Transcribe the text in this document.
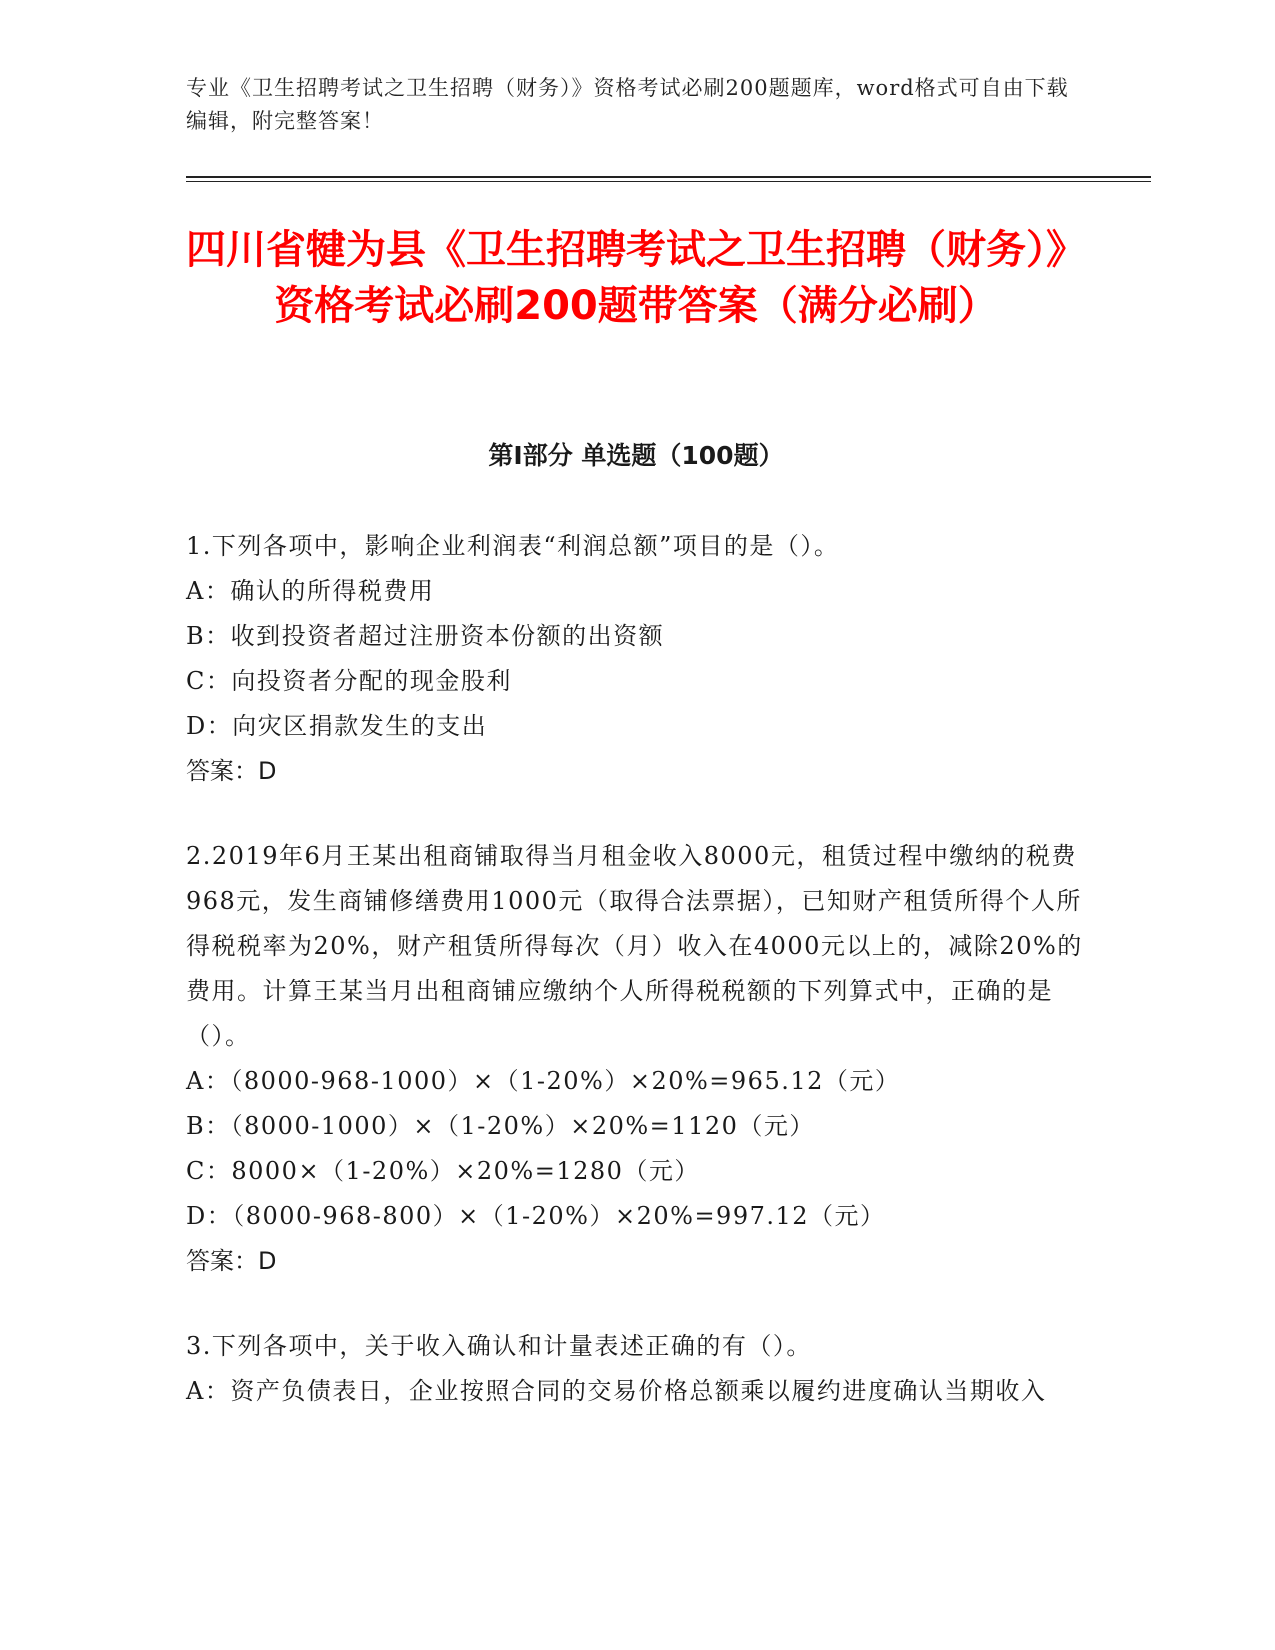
专业《卫生招聘考试之卫生招聘（财务）》资格考试必刷200题题库，word格式可自由下载编辑，附完整答案！
四川省犍为县《卫生招聘考试之卫生招聘（财务）》资格考试必刷200题带答案（满分必刷）
第I部分 单选题（100题）

1.下列各项中，影响企业利润表“利润总额”项目的是（）。

A：确认的所得税费用

B：收到投资者超过注册资本份额的出资额

C：向投资者分配的现金股利

D：向灾区捐款发生的支出

答案：D

2.2019年6月王某出租商铺取得当月租金收入8000元，租赁过程中缴纳的税费968元，发生商铺修缮费用1000元（取得合法票据），已知财产租赁所得个人所得税税率为20%，财产租赁所得每次（月）收入在4000元以上的，减除20%的费用。计算王某当月出租商铺应缴纳个人所得税税额的下列算式中，正确的是（）。

A：（8000-968-1000）×（1-20%）×20%=965.12（元）

B：（8000-1000）×（1-20%）×20%=1120（元）

C：8000×（1-20%）×20%=1280（元）

D：（8000-968-800）×（1-20%）×20%=997.12（元）

答案：D

3.下列各项中，关于收入确认和计量表述正确的有（）。

A：资产负债表日，企业按照合同的交易价格总额乘以履约进度确认当期收入
